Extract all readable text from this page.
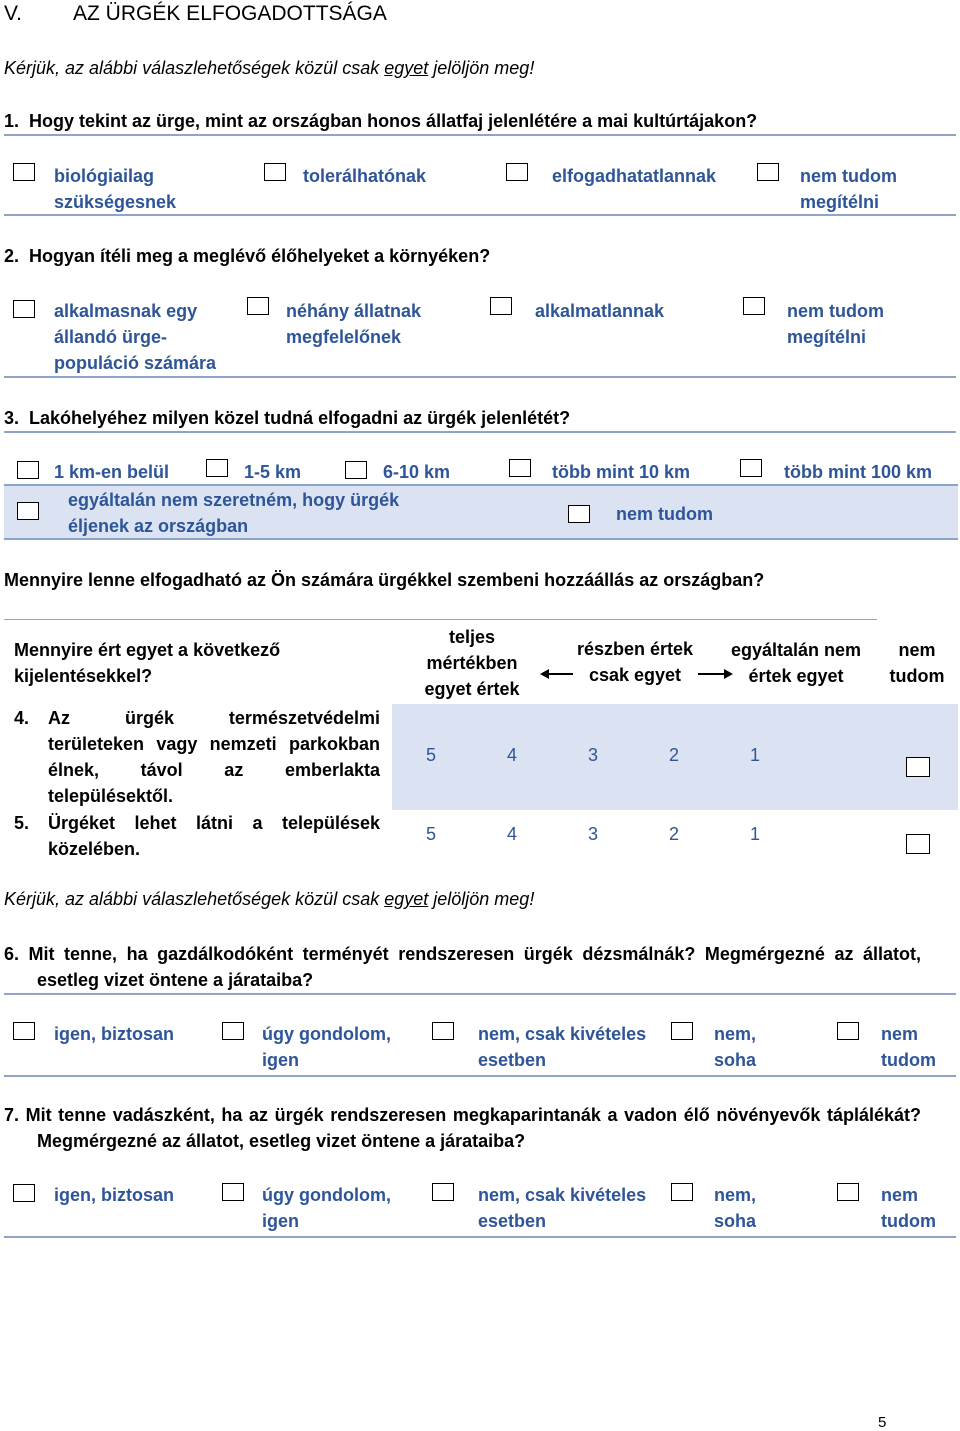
V. AZ ÜRGÉK ELFOGADOTTSÁGA
Kérjük, az alábbi válaszlehetőségek közül csak egyet jelöljön meg!
1.  Hogy tekint az ürge, mint az országban honos állatfaj jelenlétére a mai kultúrtájakon?
biológiailag szükségesnek
tolerálhatónak	elfogadhatatlannak	nem tudom megítélni
2.  Hogyan ítéli meg a meglévő élőhelyeket a környéken?
alkalmasnak egy állandó ürge-populáció számára
néhány állatnak megfelelőnek
alkalmatlannak	nem tudom megítélni
3.  Lakóhelyéhez milyen közel tudná elfogadni az ürgék jelenlétét?
1 km-en belül	1-5 km	6-10 km	több mint 10 km	több mint 100 km
egyáltalán nem szeretném, hogy ürgék éljenek az országban
nem tudom
Mennyire lenne elfogadható az Ön számára ürgékkel szembeni hozzáállás az országban?
Mennyire ért egyet a következő kijelentésekkel?
teljes mértékben egyet értek
részben értek csak egyet
egyáltalán nem értek egyet
nem tudom
4. Az ürgék természetvédelmi területeken vagy nemzeti parkokban élnek, távol az emberlakta településektől.
5	4	3	2	1
5. Ürgéket lehet látni a települések közelében.
5	4	3	2	1
Kérjük, az alábbi válaszlehetőségek közül csak egyet jelöljön meg!
6. Mit tenne, ha gazdálkodóként terményét rendszeresen ürgék dézsmálnák? Megmérgezné az állatot, esetleg vizet öntene a járataiba?
igen, biztosan	úgy gondolom, igen
nem, csak kivételes esetben
nem, soha
nem tudom
7. Mit tenne vadászként, ha az ürgék rendszeresen megkaparintanák a vadon élő növényevők táplálékát? Megmérgezné az állatot, esetleg vizet öntene a járataiba?
igen, biztosan	úgy gondolom, igen
nem, csak kivételes esetben
nem, soha
nem tudom
5
